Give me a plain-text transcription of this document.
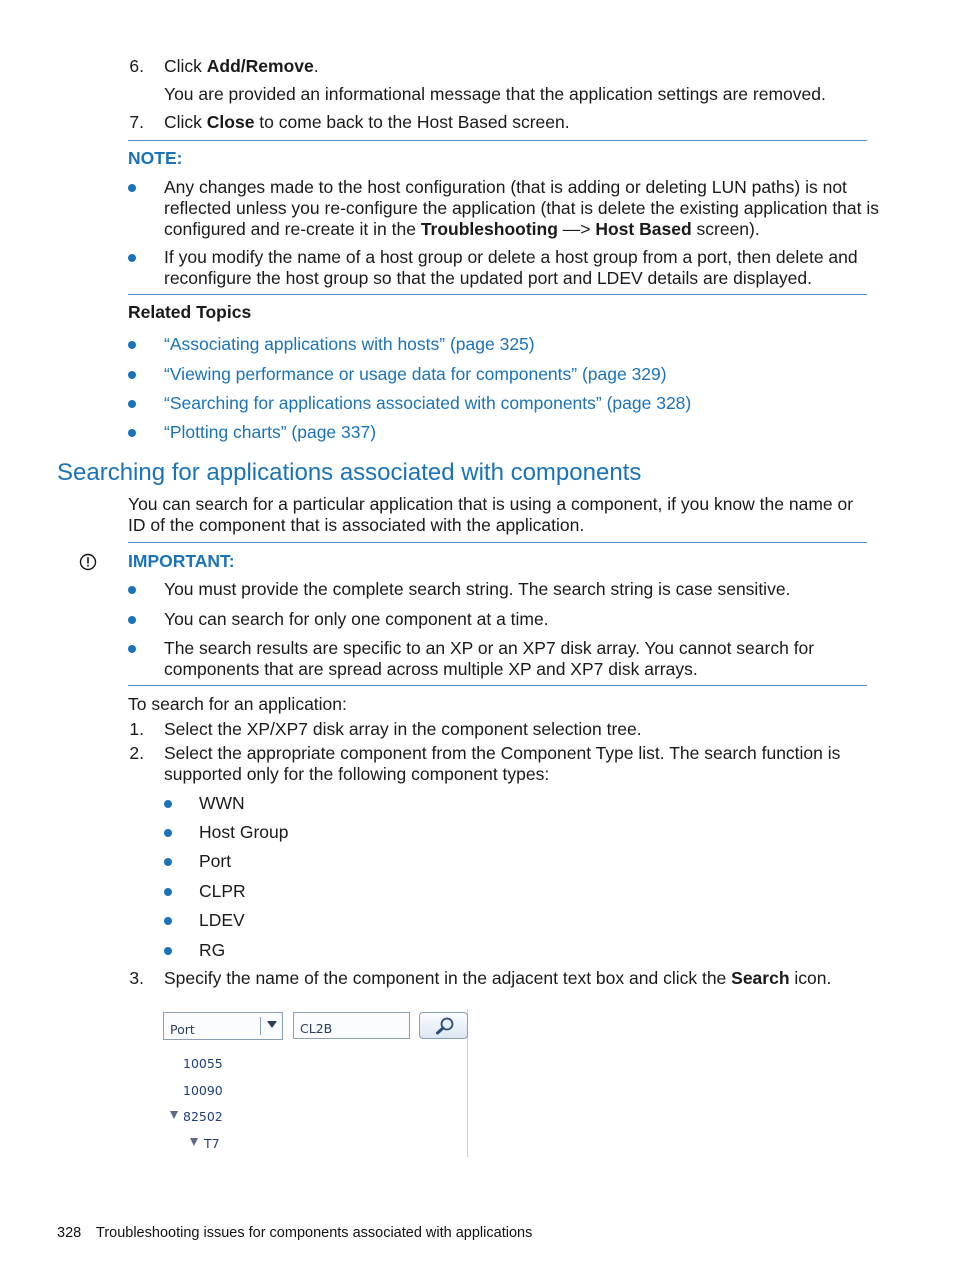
6. Click Add/Remove.
You are provided an informational message that the application settings are removed.
7. Click Close to come back to the Host Based screen.
NOTE:
Any changes made to the host configuration (that is adding or deleting LUN paths) is not
reflected unless you re-configure the application (that is delete the existing application that is
configured and re-create it in the Troubleshooting —> Host Based screen).
If you modify the name of a host group or delete a host group from a port, then delete and
reconfigure the host group so that the updated port and LDEV details are displayed.
Related Topics
“Associating applications with hosts” (page 325)
“Viewing performance or usage data for components” (page 329)
“Searching for applications associated with components” (page 328)
“Plotting charts” (page 337)
Searching for applications associated with components
You can search for a particular application that is using a component, if you know the name or
ID of the component that is associated with the application.
IMPORTANT:
You must provide the complete search string. The search string is case sensitive.
You can search for only one component at a time.
The search results are specific to an XP or an XP7 disk array. You cannot search for
components that are spread across multiple XP and XP7 disk arrays.
To search for an application:
1. Select the XP/XP7 disk array in the component selection tree.
2. Select the appropriate component from the Component Type list. The search function is
supported only for the following component types:
WWN
Host Group
Port
CLPR
LDEV
RG
3. Specify the name of the component in the adjacent text box and click the Search icon.
Port	CL2B
10055
10090
82502
T7
328 Troubleshooting issues for components associated with applications
